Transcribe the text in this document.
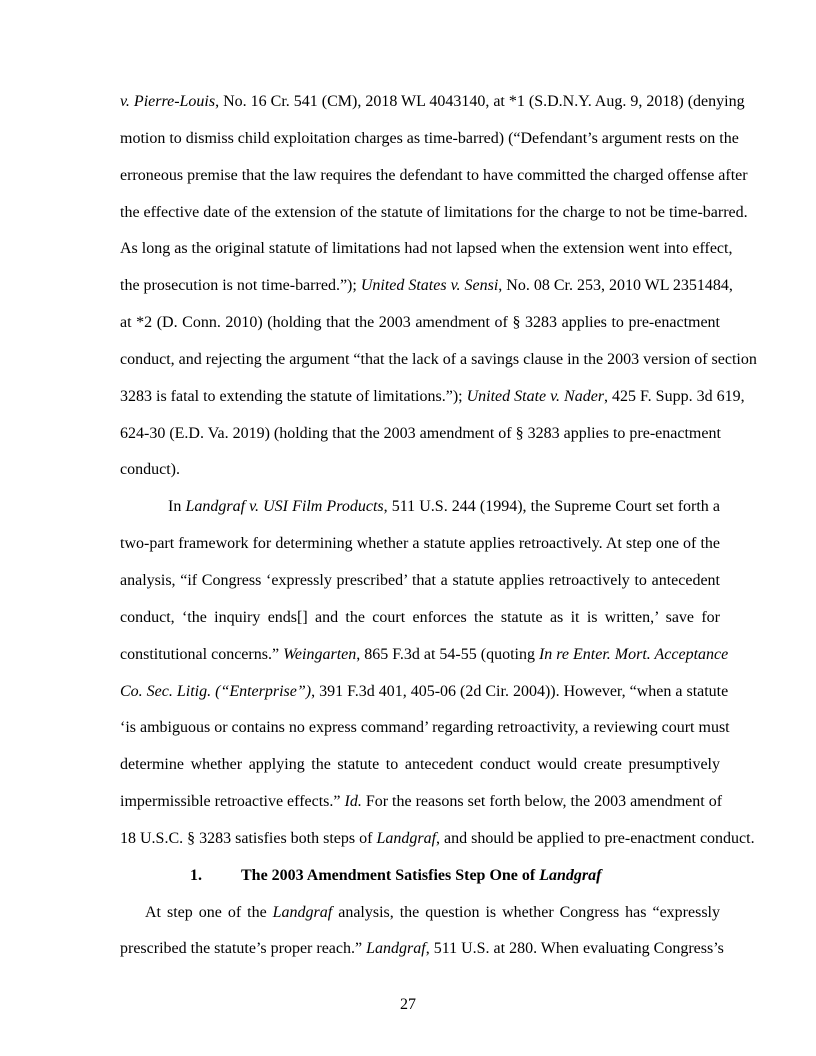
v. Pierre-Louis, No. 16 Cr. 541 (CM), 2018 WL 4043140, at *1 (S.D.N.Y. Aug. 9, 2018) (denying
motion to dismiss child exploitation charges as time-barred) (“Defendant’s argument rests on the
erroneous premise that the law requires the defendant to have committed the charged offense after
the effective date of the extension of the statute of limitations for the charge to not be time-barred.
As long as the original statute of limitations had not lapsed when the extension went into effect,
the prosecution is not time-barred.”); United States v. Sensi, No. 08 Cr. 253, 2010 WL 2351484,
at *2 (D. Conn. 2010) (holding that the 2003 amendment of § 3283 applies to pre-enactment
conduct, and rejecting the argument “that the lack of a savings clause in the 2003 version of section
3283 is fatal to extending the statute of limitations.”); United State v. Nader, 425 F. Supp. 3d 619,
624-30 (E.D. Va. 2019) (holding that the 2003 amendment of § 3283 applies to pre-enactment
conduct).
In Landgraf v. USI Film Products, 511 U.S. 244 (1994), the Supreme Court set forth a
two-part framework for determining whether a statute applies retroactively. At step one of the
analysis, “if Congress ‘expressly prescribed’ that a statute applies retroactively to antecedent
conduct, ‘the inquiry ends[] and the court enforces the statute as it is written,’ save for
constitutional concerns.” Weingarten, 865 F.3d at 54-55 (quoting In re Enter. Mort. Acceptance
Co. Sec. Litig. (“Enterprise”), 391 F.3d 401, 405-06 (2d Cir. 2004)). However, “when a statute
‘is ambiguous or contains no express command’ regarding retroactivity, a reviewing court must
determine whether applying the statute to antecedent conduct would create presumptively
impermissible retroactive effects.” Id. For the reasons set forth below, the 2003 amendment of
18 U.S.C. § 3283 satisfies both steps of Landgraf, and should be applied to pre-enactment conduct.
1. The 2003 Amendment Satisfies Step One of Landgraf
At step one of the Landgraf analysis, the question is whether Congress has “expressly
prescribed the statute’s proper reach.” Landgraf, 511 U.S. at 280. When evaluating Congress’s
27
